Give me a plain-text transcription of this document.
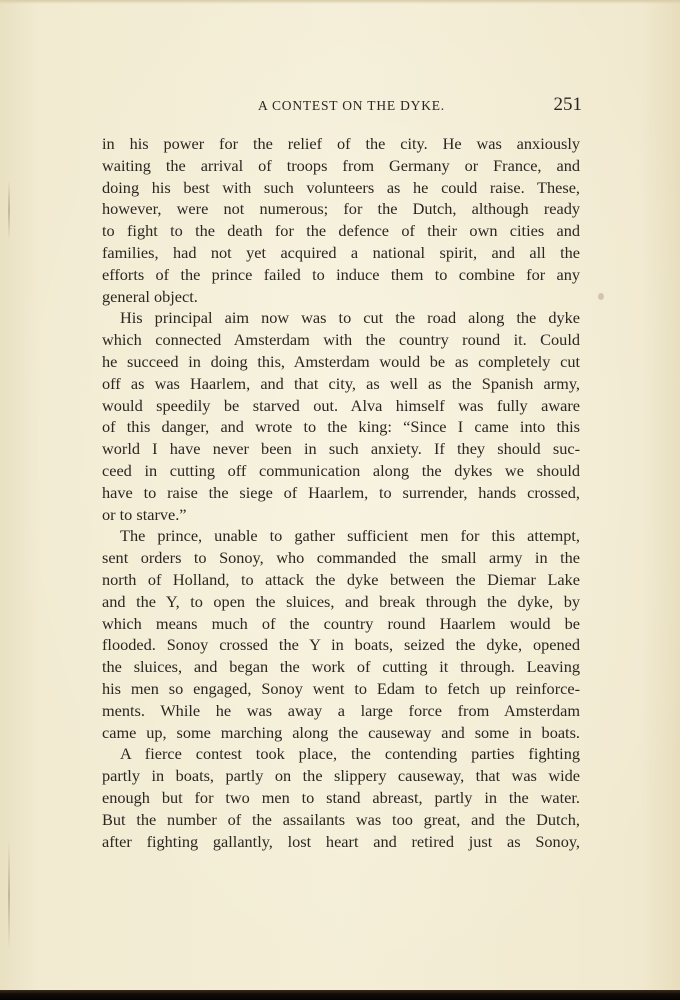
A CONTEST ON THE DYKE.	251
in his power for the relief of the city. He was anxiously
waiting the arrival of troops from Germany or France, and
doing his best with such volunteers as he could raise. These,
however, were not numerous; for the Dutch, although ready
to fight to the death for the defence of their own cities and
families, had not yet acquired a national spirit, and all the
efforts of the prince failed to induce them to combine for any
general object.
His principal aim now was to cut the road along the dyke
which connected Amsterdam with the country round it. Could
he succeed in doing this, Amsterdam would be as completely cut
off as was Haarlem, and that city, as well as the Spanish army,
would speedily be starved out. Alva himself was fully aware
of this danger, and wrote to the king: “Since I came into this
world I have never been in such anxiety. If they should suc-
ceed in cutting off communication along the dykes we should
have to raise the siege of Haarlem, to surrender, hands crossed,
or to starve.”
The prince, unable to gather sufficient men for this attempt,
sent orders to Sonoy, who commanded the small army in the
north of Holland, to attack the dyke between the Diemar Lake
and the Y, to open the sluices, and break through the dyke, by
which means much of the country round Haarlem would be
flooded. Sonoy crossed the Y in boats, seized the dyke, opened
the sluices, and began the work of cutting it through. Leaving
his men so engaged, Sonoy went to Edam to fetch up reinforce-
ments. While he was away a large force from Amsterdam
came up, some marching along the causeway and some in boats.
A fierce contest took place, the contending parties fighting
partly in boats, partly on the slippery causeway, that was wide
enough but for two men to stand abreast, partly in the water.
But the number of the assailants was too great, and the Dutch,
after fighting gallantly, lost heart and retired just as Sonoy,
